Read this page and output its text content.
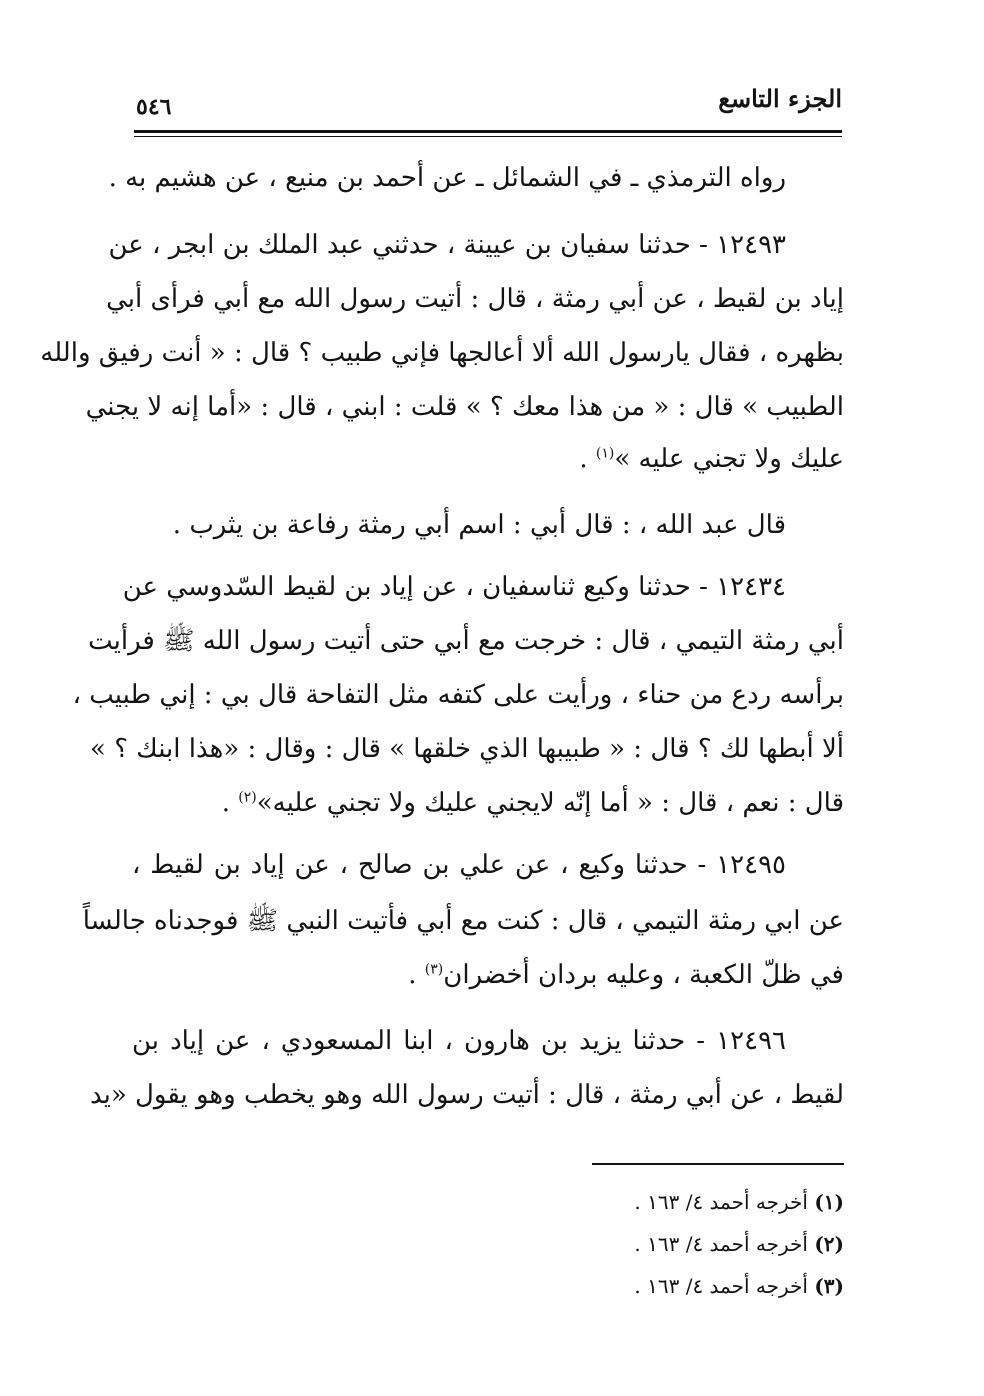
الجزء التاسع
٥٤٦
رواه الترمذي ـ في الشمائل ـ عن أحمد بن منيع ، عن هشيم به .
١٢٤٩٣ - حدثنا سفيان بن عيينة ، حدثني عبد الملك بن ابجر ، عن
إياد بن لقيط ، عن أبي رمثة ، قال : أتيت رسول الله مع أبي فرأى أبي
بظهره ، فقال يارسول الله ألا أعالجها فإني طبيب ؟ قال : « أنت رفيق والله
الطبيب » قال : « من هذا معك ؟ » قلت : ابني ، قال : «أما إنه لا يجني
عليك ولا تجني عليه »$^{(١)}$ .
قال عبد الله ، : قال أبي : اسم أبي رمثة رفاعة بن يثرب .
١٢٤٣٤ - حدثنا وكيع ثناسفيان ، عن إياد بن لقيط السّدوسي عن
أبي رمثة التيمي ، قال : خرجت مع أبي حتى أتيت رسول الله ﷺ فرأيت
برأسه ردع من حناء ، ورأيت على كتفه مثل التفاحة قال بي : إني طبيب ،
ألا أبطها لك ؟ قال : « طبيبها الذي خلقها » قال : وقال : «هذا ابنك ؟ »
قال : نعم ، قال : « أما إنّه لايجني عليك ولا تجني عليه»$^{(٢)}$ .
١٢٤٩٥ - حدثنا وكيع ، عن علي بن صالح ، عن إياد بن لقيط ،
عن ابي رمثة التيمي ، قال : كنت مع أبي فأتيت النبي ﷺ فوجدناه جالساً
في ظلّ الكعبة ، وعليه بردان أخضران$^{(٣)}$ .
١٢٤٩٦ - حدثنا يزيد بن هارون ، ابنا المسعودي ، عن إياد بن
لقيط ، عن أبي رمثة ، قال : أتيت رسول الله وهو يخطب وهو يقول «يد
(١) أخرجه أحمد ٤/ ١٦٣ .
(٢) أخرجه أحمد ٤/ ١٦٣ .
(٣) أخرجه أحمد ٤/ ١٦٣ .
